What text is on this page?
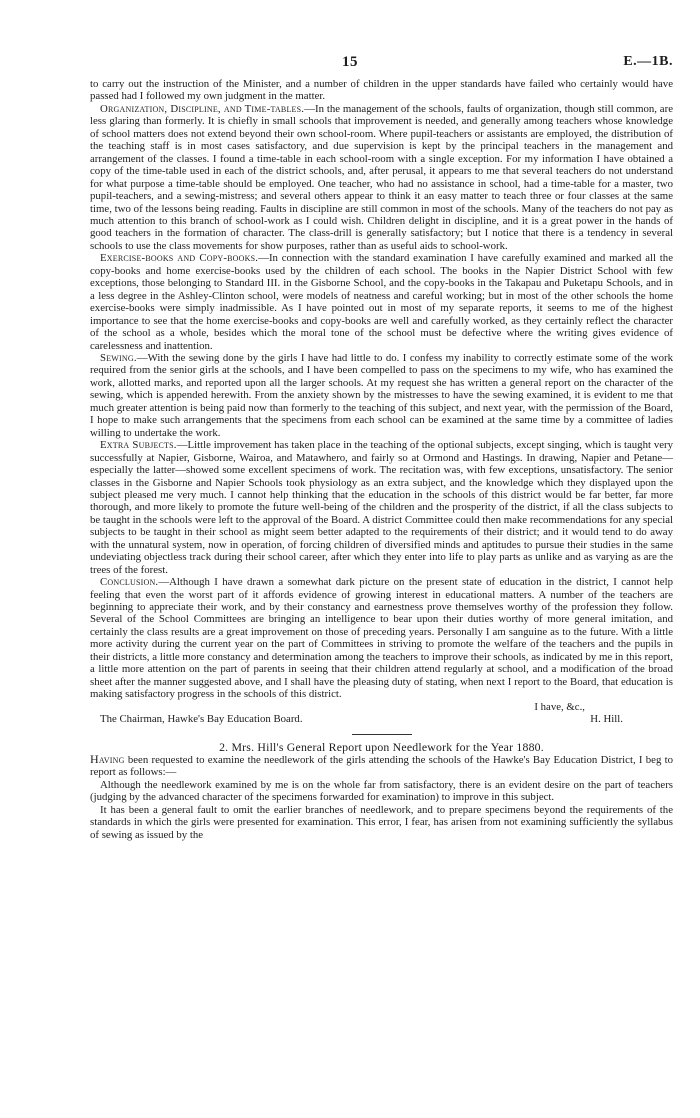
15	E.—1B.

to carry out the instruction of the Minister, and a number of children in the upper standards have failed who certainly would have passed had I followed my own judgment in the matter.

Organization, Discipline, and Time-tables.—In the management of the schools, faults of organization, though still common, are less glaring than formerly. It is chiefly in small schools that improvement is needed, and generally among teachers whose knowledge of school matters does not extend beyond their own school-room. Where pupil-teachers or assistants are employed, the distribution of the teaching staff is in most cases satisfactory, and due supervision is kept by the principal teachers in the management and arrangement of the classes. I found a time-table in each school-room with a single exception. For my information I have obtained a copy of the time-table used in each of the district schools, and, after perusal, it appears to me that several teachers do not understand for what purpose a time-table should be employed. One teacher, who had no assistance in school, had a time-table for a master, two pupil-teachers, and a sewing-mistress; and several others appear to think it an easy matter to teach three or four classes at the same time, two of the lessons being reading. Faults in discipline are still common in most of the schools. Many of the teachers do not pay as much attention to this branch of school-work as I could wish. Children delight in discipline, and it is a great power in the hands of good teachers in the formation of character. The class-drill is generally satisfactory; but I notice that there is a tendency in several schools to use the class movements for show purposes, rather than as useful aids to school-work.

Exercise-books and Copy-books.—In connection with the standard examination I have carefully examined and marked all the copy-books and home exercise-books used by the children of each school. The books in the Napier District School with few exceptions, those belonging to Standard III. in the Gisborne School, and the copy-books in the Takapau and Puketapu Schools, and in a less degree in the Ashley-Clinton school, were models of neatness and careful working; but in most of the other schools the home exercise-books were simply inadmissible. As I have pointed out in most of my separate reports, it seems to me of the highest importance to see that the home exercise-books and copy-books are well and carefully worked, as they certainly reflect the character of the school as a whole, besides which the moral tone of the school must be defective where the writing gives evidence of carelessness and inattention.

Sewing.—With the sewing done by the girls I have had little to do. I confess my inability to correctly estimate some of the work required from the senior girls at the schools, and I have been compelled to pass on the specimens to my wife, who has examined the work, allotted marks, and reported upon all the larger schools. At my request she has written a general report on the character of the sewing, which is appended herewith. From the anxiety shown by the mistresses to have the sewing examined, it is evident to me that much greater attention is being paid now than formerly to the teaching of this subject, and next year, with the permission of the Board, I hope to make such arrangements that the specimens from each school can be examined at the same time by a committee of ladies willing to undertake the work.

Extra Subjects.—Little improvement has taken place in the teaching of the optional subjects, except singing, which is taught very successfully at Napier, Gisborne, Wairoa, and Matawhero, and fairly so at Ormond and Hastings. In drawing, Napier and Petane—especially the latter—showed some excellent specimens of work. The recitation was, with few exceptions, unsatisfactory. The senior classes in the Gisborne and Napier Schools took physiology as an extra subject, and the knowledge which they displayed upon the subject pleased me very much. I cannot help thinking that the education in the schools of this district would be far better, far more thorough, and more likely to promote the future well-being of the children and the prosperity of the district, if all the class subjects to be taught in the schools were left to the approval of the Board. A district Committee could then make recommendations for any special subjects to be taught in their school as might seem better adapted to the requirements of their district; and it would tend to do away with the unnatural system, now in operation, of forcing children of diversified minds and aptitudes to pursue their studies in the same undeviating objectless track during their school career, after which they enter into life to play parts as unlike and as varying as are the trees of the forest.

Conclusion.—Although I have drawn a somewhat dark picture on the present state of education in the district, I cannot help feeling that even the worst part of it affords evidence of growing interest in educational matters. A number of the teachers are beginning to appreciate their work, and by their constancy and earnestness prove themselves worthy of the profession they follow. Several of the School Committees are bringing an intelligence to bear upon their duties worthy of more general imitation, and certainly the class results are a great improvement on those of preceding years. Personally I am sanguine as to the future. With a little more activity during the current year on the part of Committees in striving to promote the welfare of the teachers and the pupils in their districts, a little more constancy and determination among the teachers to improve their schools, as indicated by me in this report, a little more attention on the part of parents in seeing that their children attend regularly at school, and a modification of the broad sheet after the manner suggested above, and I shall have the pleasing duty of stating, when next I report to the Board, that education is making satisfactory progress in the schools of this district.

I have, &c.,

The Chairman, Hawke's Bay Education Board.	H. Hill.

2. Mrs. Hill's General Report upon Needlework for the Year 1880.

Having been requested to examine the needlework of the girls attending the schools of the Hawke's Bay Education District, I beg to report as follows:—

Although the needlework examined by me is on the whole far from satisfactory, there is an evident desire on the part of teachers (judging by the advanced character of the specimens forwarded for examination) to improve in this subject.

It has been a general fault to omit the earlier branches of needlework, and to prepare specimens beyond the requirements of the standards in which the girls were presented for examination. This error, I fear, has arisen from not examining sufficiently the syllabus of sewing as issued by the
